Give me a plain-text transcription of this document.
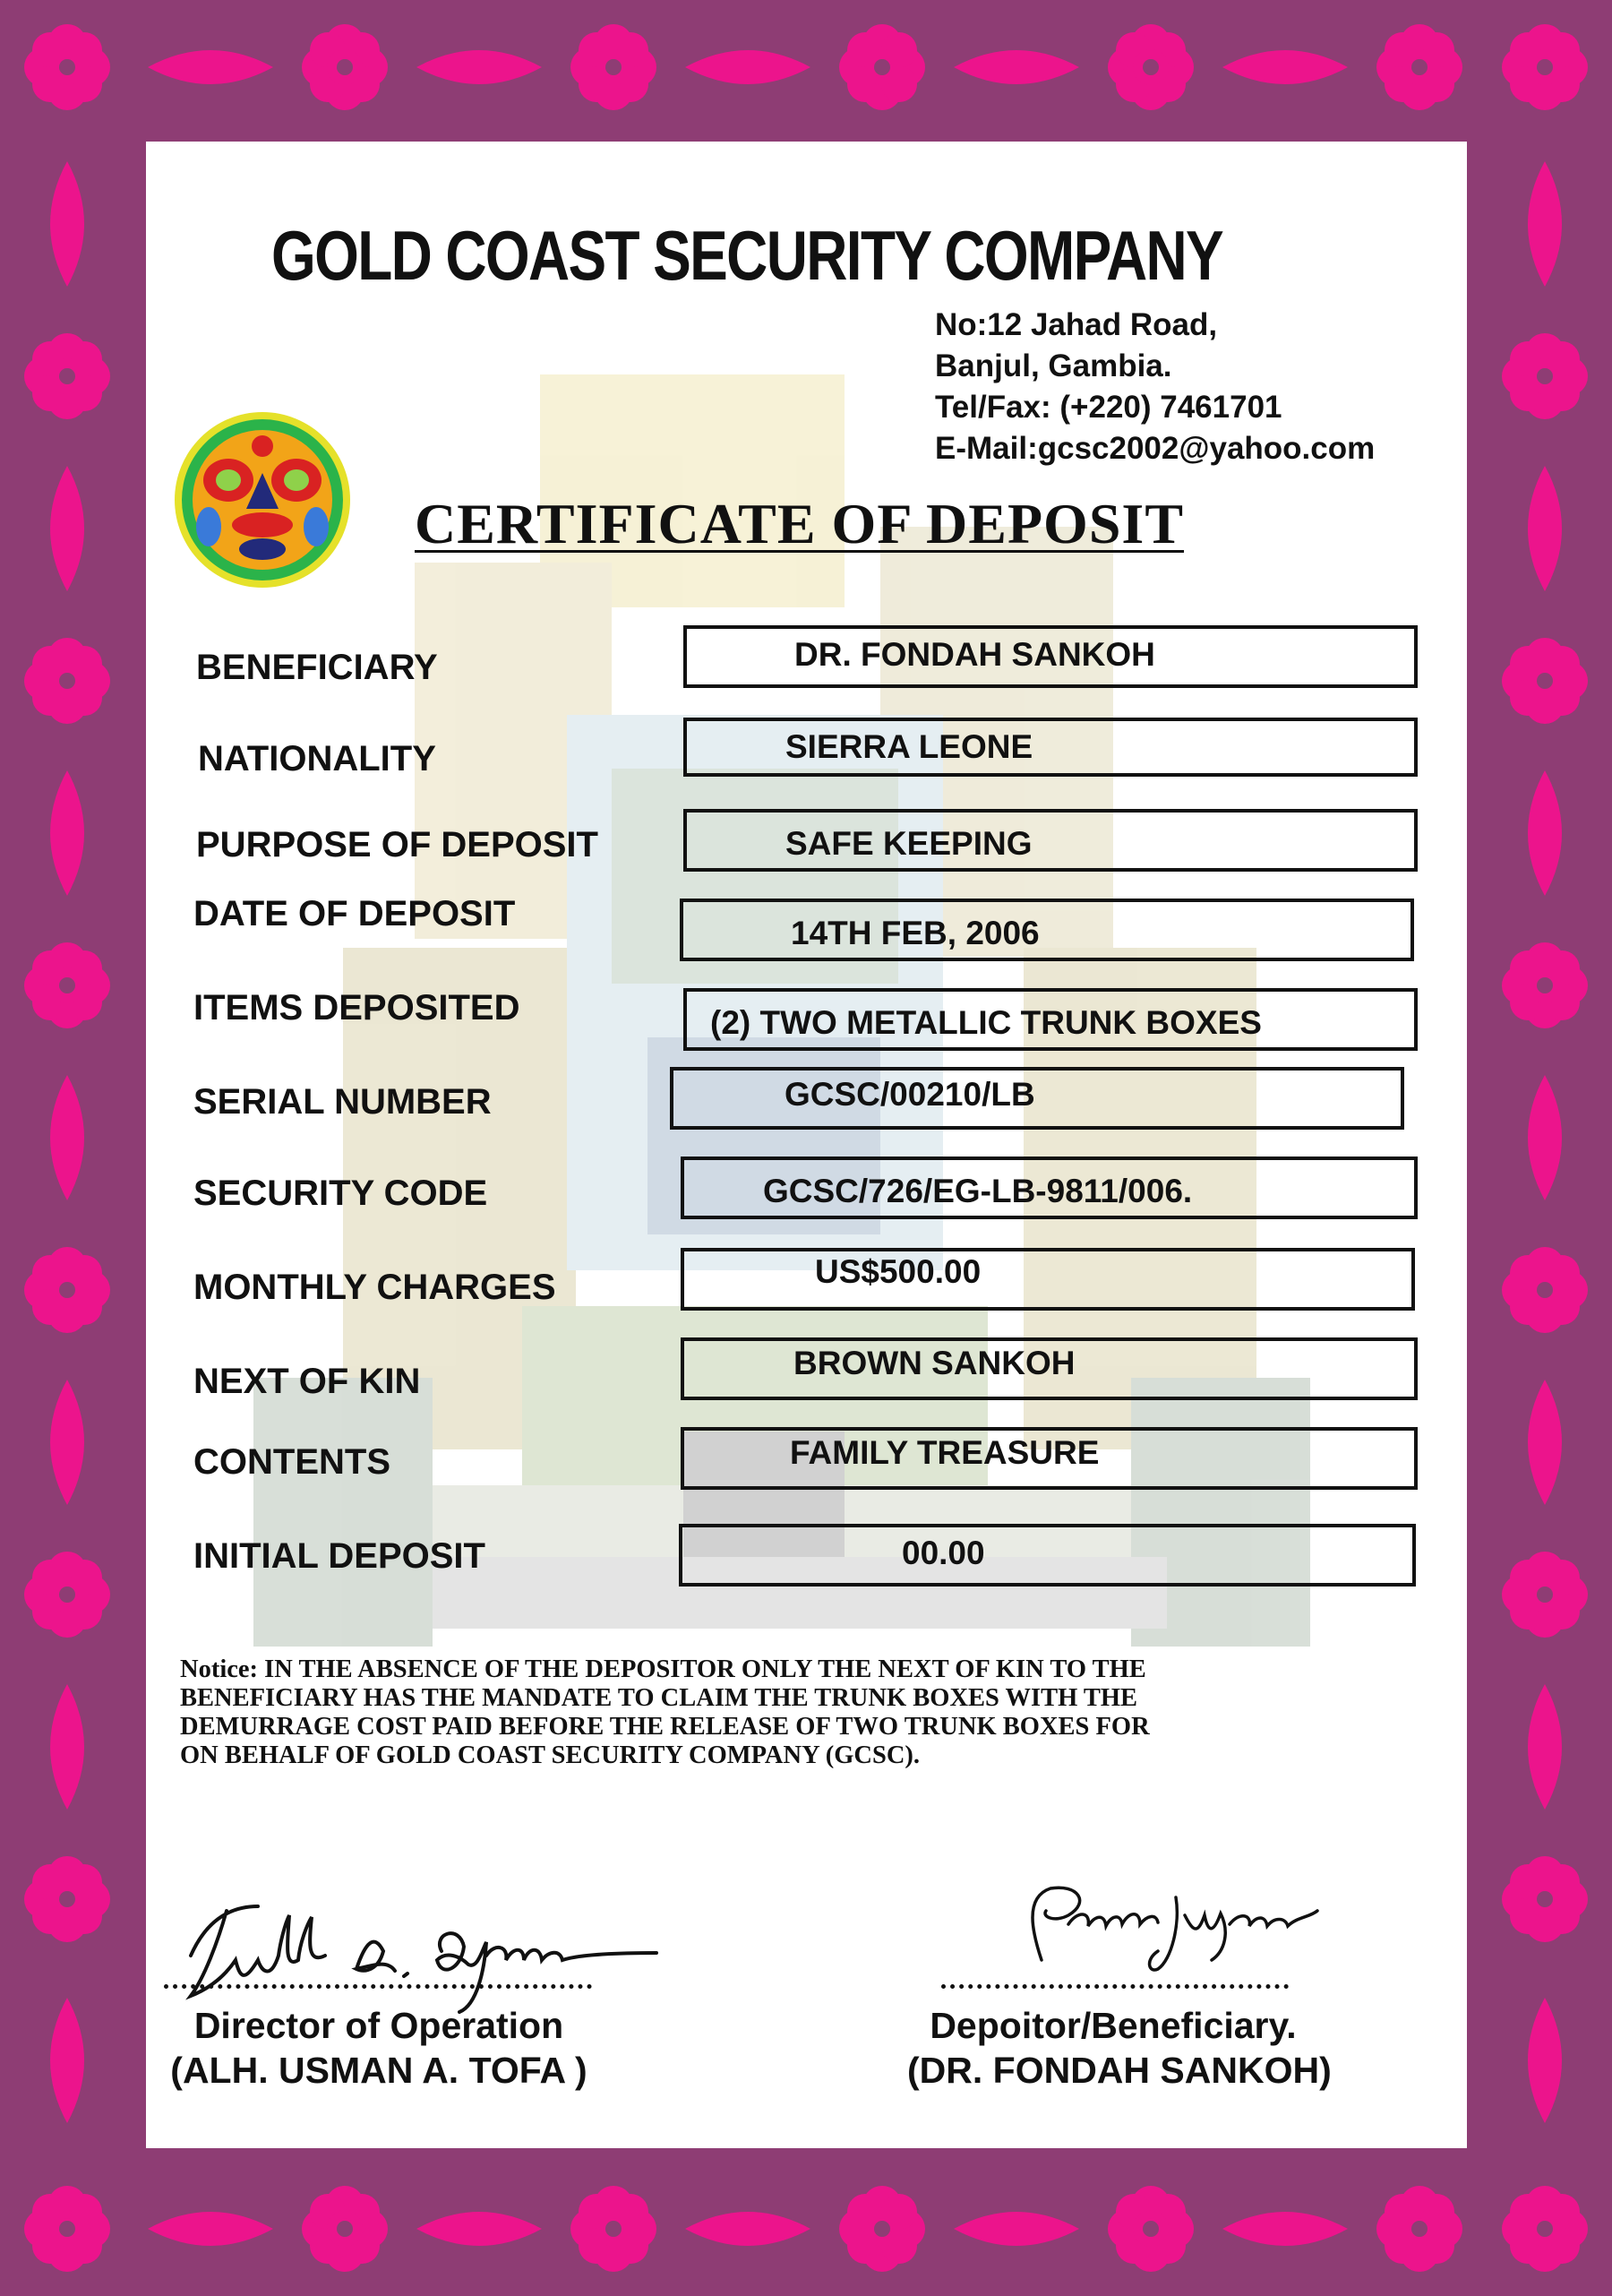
GOLD COAST SECURITY COMPANY
No:12 Jahad Road,
Banjul, Gambia.
Tel/Fax: (+220) 7461701
E-Mail:gcsc2002@yahoo.com
CERTIFICATE OF DEPOSIT
BENEFICIARY	DR. FONDAH SANKOH
NATIONALITY	SIERRA LEONE
PURPOSE OF DEPOSIT	SAFE KEEPING
DATE OF DEPOSIT	14TH FEB, 2006
ITEMS DEPOSITED	(2) TWO METALLIC TRUNK BOXES
SERIAL NUMBER	GCSC/00210/LB
SECURITY CODE	GCSC/726/EG-LB-9811/006.
MONTHLY CHARGES	US$500.00
NEXT OF KIN	BROWN SANKOH
CONTENTS	FAMILY TREASURE
INITIAL DEPOSIT	00.00
Notice: IN THE ABSENCE OF THE DEPOSITOR ONLY THE NEXT OF KIN TO THE
BENEFICIARY HAS THE MANDATE TO CLAIM THE TRUNK BOXES WITH THE
DEMURRAGE COST PAID BEFORE THE RELEASE OF TWO TRUNK BOXES FOR
ON BEHALF OF GOLD COAST SECURITY COMPANY (GCSC).
Director of Operation
(ALH. USMAN A. TOFA )
Depoitor/Beneficiary.
(DR. FONDAH SANKOH)
